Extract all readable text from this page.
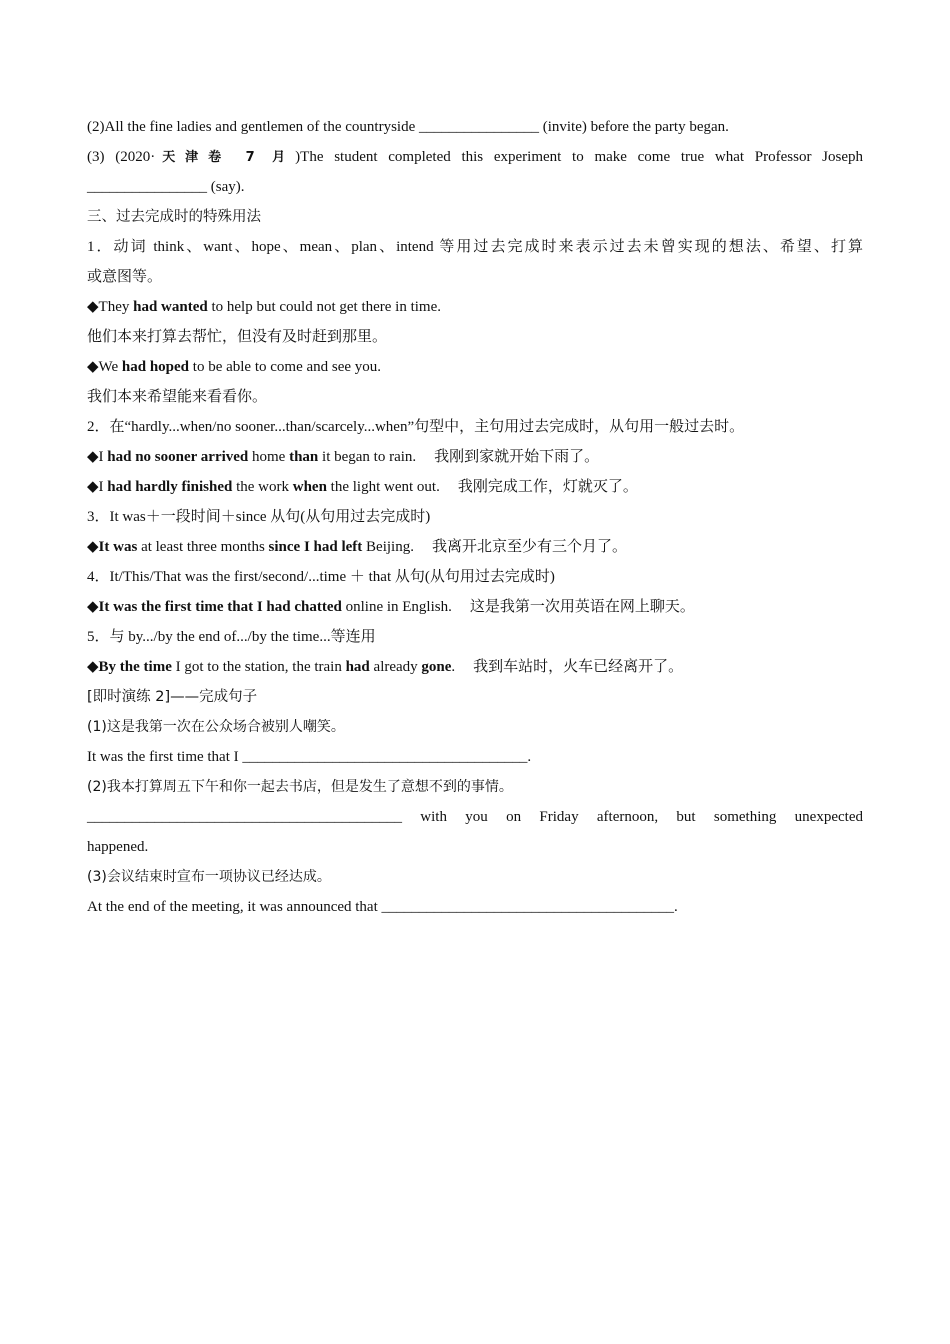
(2)All the fine ladies and gentlemen of the countryside ________________ (invite) before the party began.
(3) (2020·天津卷 7 月)The student completed this experiment to make come true what Professor Joseph
________________ (say).
三、过去完成时的特殊用法
1．动词 think、want、hope、mean、plan、intend 等用过去完成时来表示过去未曾实现的想法、希望、打算
或意图等。
◆They had wanted to help but could not get there in time.
他们本来打算去帮忙，但没有及时赶到那里。
◆We had hoped to be able to come and see you.
我们本来希望能来看看你。
2．在“hardly...when/no sooner...than/scarcely...when”句型中，主句用过去完成时，从句用一般过去时。
◆I had no sooner arrived home than it began to rain. 我刚到家就开始下雨了。
◆I had hardly finished the work when the light went out. 我刚完成工作，灯就灭了。
3．It was＋一段时间＋since 从句(从句用过去完成时)
◆It was at least three months since I had left Beijing. 我离开北京至少有三个月了。
4．It/This/That was the first/second/...time ＋ that 从句(从句用过去完成时)
◆It was the first time that I had chatted online in English. 这是我第一次用英语在网上聊天。
5．与 by.../by the end of.../by the time...等连用
◆By the time I got to the station, the train had already gone. 我到车站时，火车已经离开了。
[即时演练 2]——完成句子
(1)这是我第一次在公众场合被别人嘲笑。
It was the first time that I ______________________________________.
(2)我本打算周五下午和你一起去书店，但是发生了意想不到的事情。
__________________________________________ with you on Friday afternoon, but something unexpected
happened.
(3)会议结束时宣布一项协议已经达成。
At the end of the meeting, it was announced that _______________________________________.
